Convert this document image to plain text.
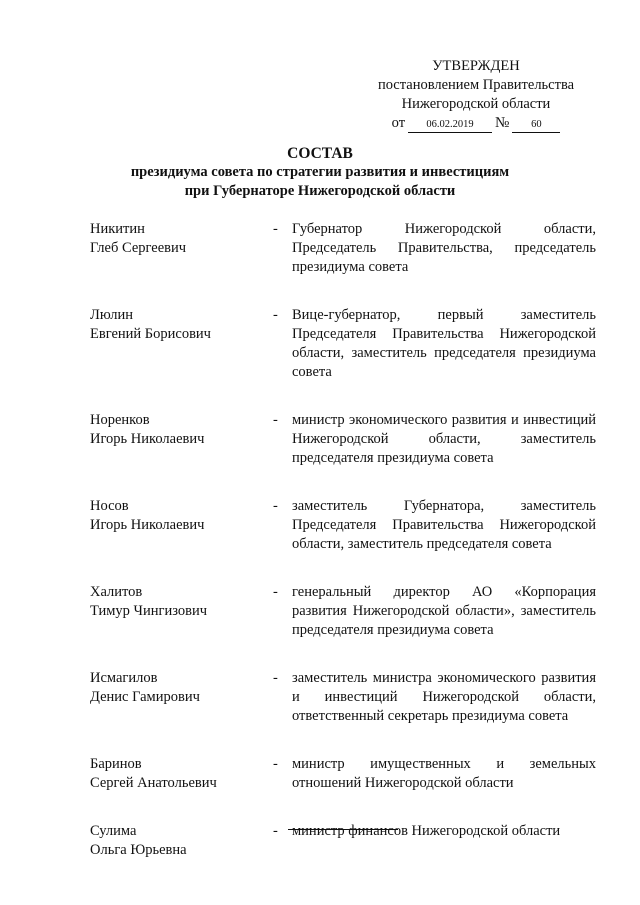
УТВЕРЖДЕН
постановлением Правительства
Нижегородской области
от	06.02.2019	№	60
СОСТАВ
президиума совета по стратегии развития и инвестициям
при Губернаторе Нижегородской области
Никитин
Глеб Сергеевич
- Губернатор Нижегородской области, Председатель Правительства, председатель президиума совета
Люлин
Евгений Борисович
- Вице-губернатор, первый заместитель Председателя Правительства Нижегородской области, заместитель председателя президиума совета
Норенков
Игорь Николаевич
- министр экономического развития и инвестиций Нижегородской области, заместитель председателя президиума совета
Носов
Игорь Николаевич
- заместитель Губернатора, заместитель Председателя Правительства Нижегородской области, заместитель председателя совета
Халитов
Тимур Чингизович
- генеральный директор АО «Корпорация развития Нижегородской области», заместитель председателя президиума совета
Исмагилов
Денис Гамирович
- заместитель министра экономического развития и инвестиций Нижегородской области, ответственный секретарь президиума совета
Баринов
Сергей Анатольевич
- министр имущественных и земельных отношений Нижегородской области
Сулима
Ольга Юрьевна
- министр финансов Нижегородской области
